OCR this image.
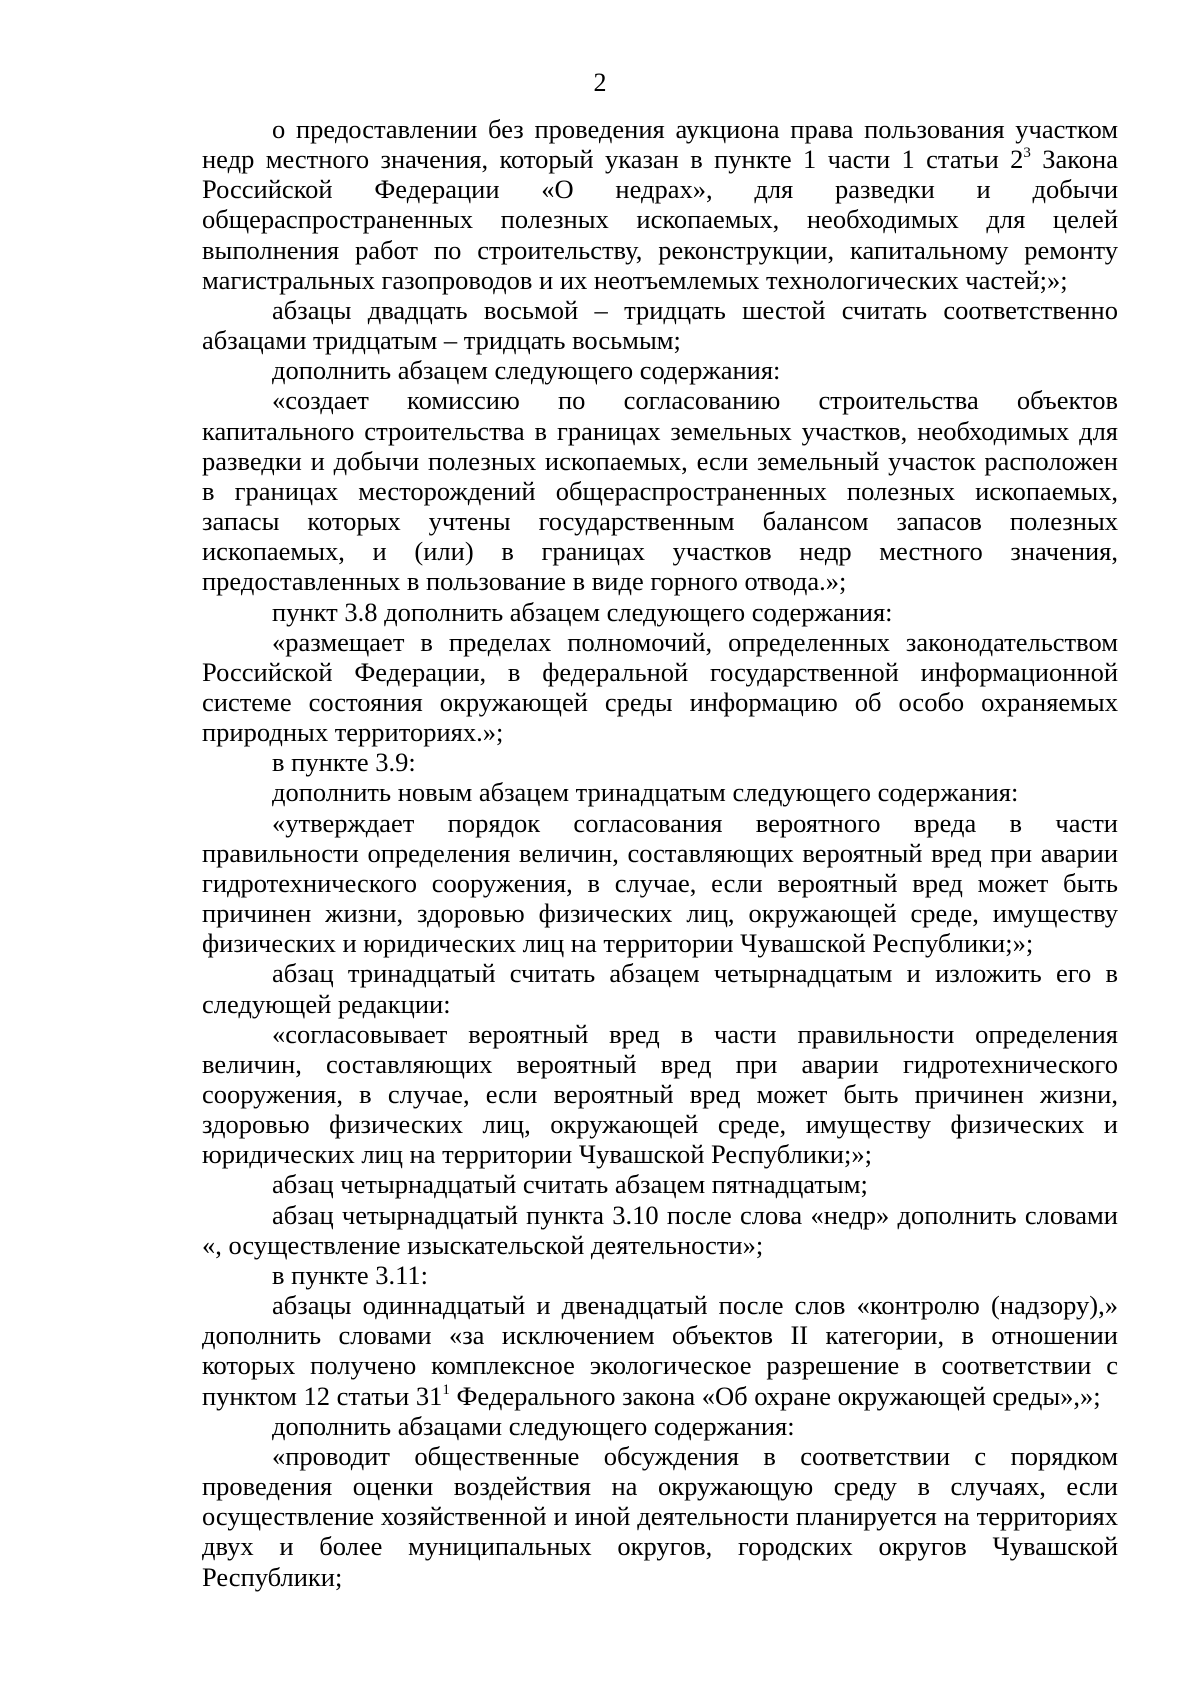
2

о предоставлении без проведения аукциона права пользования участком недр местного значения, который указан в пункте 1 части 1 статьи $2^3$ Закона Российской Федерации «О недрах», для разведки и добычи общераспространенных полезных ископаемых, необходимых для целей выполнения работ по строительству, реконструкции, капитальному ремонту магистральных газопроводов и их неотъемлемых технологических частей;»;

абзацы двадцать восьмой – тридцать шестой считать соответственно абзацами тридцатым – тридцать восьмым;

дополнить абзацем следующего содержания:

«создает комиссию по согласованию строительства объектов капитального строительства в границах земельных участков, необходимых для разведки и добычи полезных ископаемых, если земельный участок расположен в границах месторождений общераспространенных полезных ископаемых, запасы которых учтены государственным балансом запасов полезных ископаемых, и (или) в границах участков недр местного значения, предоставленных в пользование в виде горного отвода.»;

пункт 3.8 дополнить абзацем следующего содержания:

«размещает в пределах полномочий, определенных законодательством Российской Федерации, в федеральной государственной информационной системе состояния окружающей среды информацию об особо охраняемых природных территориях.»;

в пункте 3.9:

дополнить новым абзацем тринадцатым следующего содержания:

«утверждает порядок согласования вероятного вреда в части правильности определения величин, составляющих вероятный вред при аварии гидротехнического сооружения, в случае, если вероятный вред может быть причинен жизни, здоровью физических лиц, окружающей среде, имуществу физических и юридических лиц на территории Чувашской Республики;»;

абзац тринадцатый считать абзацем четырнадцатым и изложить его в следующей редакции:

«согласовывает вероятный вред в части правильности определения величин, составляющих вероятный вред при аварии гидротехнического сооружения, в случае, если вероятный вред может быть причинен жизни, здоровью физических лиц, окружающей среде, имуществу физических и юридических лиц на территории Чувашской Республики;»;

абзац четырнадцатый считать абзацем пятнадцатым;

абзац четырнадцатый пункта 3.10 после слова «недр» дополнить словами «, осуществление изыскательской деятельности»;

в пункте 3.11:

абзацы одиннадцатый и двенадцатый после слов «контролю (надзору),» дополнить словами «за исключением объектов II категории, в отношении которых получено комплексное экологическое разрешение в соответствии с пунктом 12 статьи $31^1$ Федерального закона «Об охране окружающей среды»,»;

дополнить абзацами следующего содержания:

«проводит общественные обсуждения в соответствии с порядком проведения оценки воздействия на окружающую среду в случаях, если осуществление хозяйственной и иной деятельности планируется на территориях двух и более муниципальных округов, городских округов Чувашской Республики;
